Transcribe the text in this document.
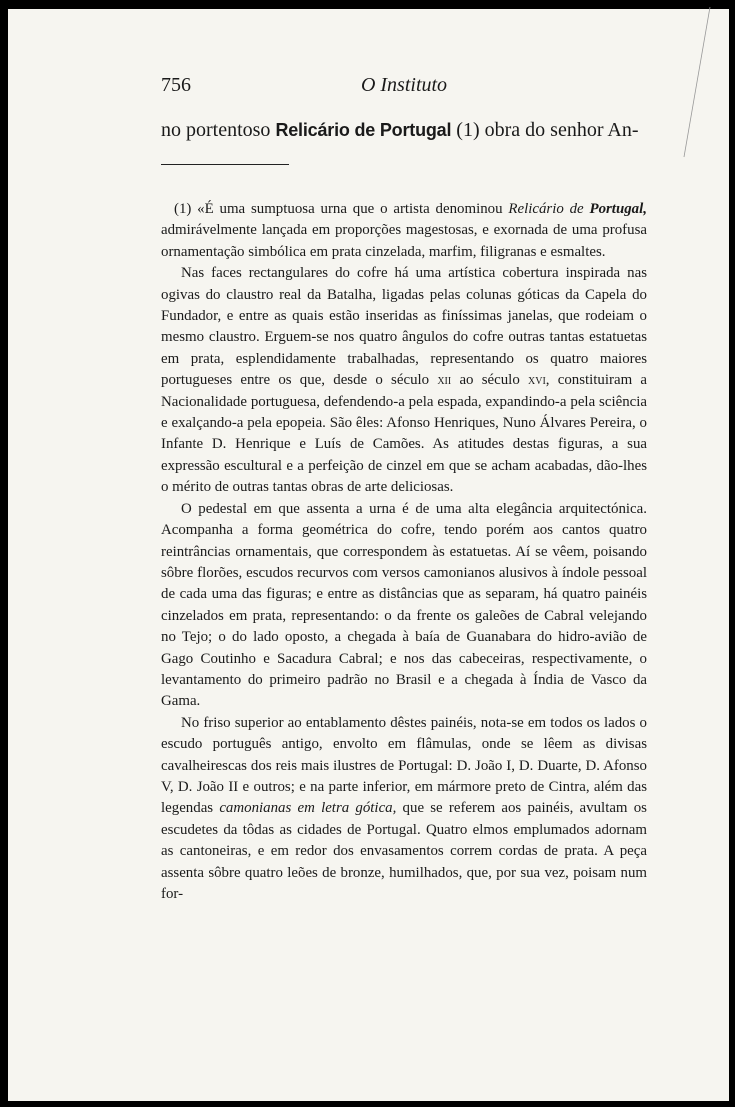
756	O Instituto
no portentoso Relicário de Portugal (1) obra do senhor An-

(1) «É uma sumptuosa urna que o artista denominou Relicário de Portugal, admirávelmente lançada em proporções magestosas, e exornada de uma profusa ornamentação simbólica em prata cinzelada, marfim, filigranas e esmaltes.

Nas faces rectangulares do cofre há uma artística cobertura inspirada nas ogivas do claustro real da Batalha, ligadas pelas colunas góticas da Capela do Fundador, e entre as quais estão inseridas as finíssimas janelas, que rodeiam o mesmo claustro. Erguem-se nos quatro ângulos do cofre outras tantas estatuetas em prata, esplendidamente trabalhadas, representando os quatro maiores portugueses entre os que, desde o século xii ao século xvi, constituiram a Nacionalidade portuguesa, defendendo-a pela espada, expandindo-a pela sciência e exalçando-a pela epopeia. São êles: Afonso Henriques, Nuno Álvares Pereira, o Infante D. Henrique e Luís de Camões. As atitudes destas figuras, a sua expressão escultural e a perfeição de cinzel em que se acham acabadas, dão-lhes o mérito de outras tantas obras de arte deliciosas.

O pedestal em que assenta a urna é de uma alta elegância arquitectónica. Acompanha a forma geométrica do cofre, tendo porém aos cantos quatro reintrâncias ornamentais, que correspondem às estatuetas. Aí se vêem, poisando sôbre florões, escudos recurvos com versos camonianos alusivos à índole pessoal de cada uma das figuras; e entre as distâncias que as separam, há quatro painéis cinzelados em prata, representando: o da frente os galeões de Cabral velejando no Tejo; o do lado oposto, a chegada à baía de Guanabara do hidro-avião de Gago Coutinho e Sacadura Cabral; e nos das cabeceiras, respectivamente, o levantamento do primeiro padrão no Brasil e a chegada à Índia de Vasco da Gama.

No friso superior ao entablamento dêstes painéis, nota-se em todos os lados o escudo português antigo, envolto em flâmulas, onde se lêem as divisas cavalheirescas dos reis mais ilustres de Portugal: D. João I, D. Duarte, D. Afonso V, D. João II e outros; e na parte inferior, em mármore preto de Cintra, além das legendas camonianas em letra gótica, que se referem aos painéis, avultam os escudetes da tôdas as cidades de Portugal. Quatro elmos emplumados adornam as cantoneiras, e em redor dos envasamentos correm cordas de prata. A peça assenta sôbre quatro leões de bronze, humilhados, que, por sua vez, poisam num for-
